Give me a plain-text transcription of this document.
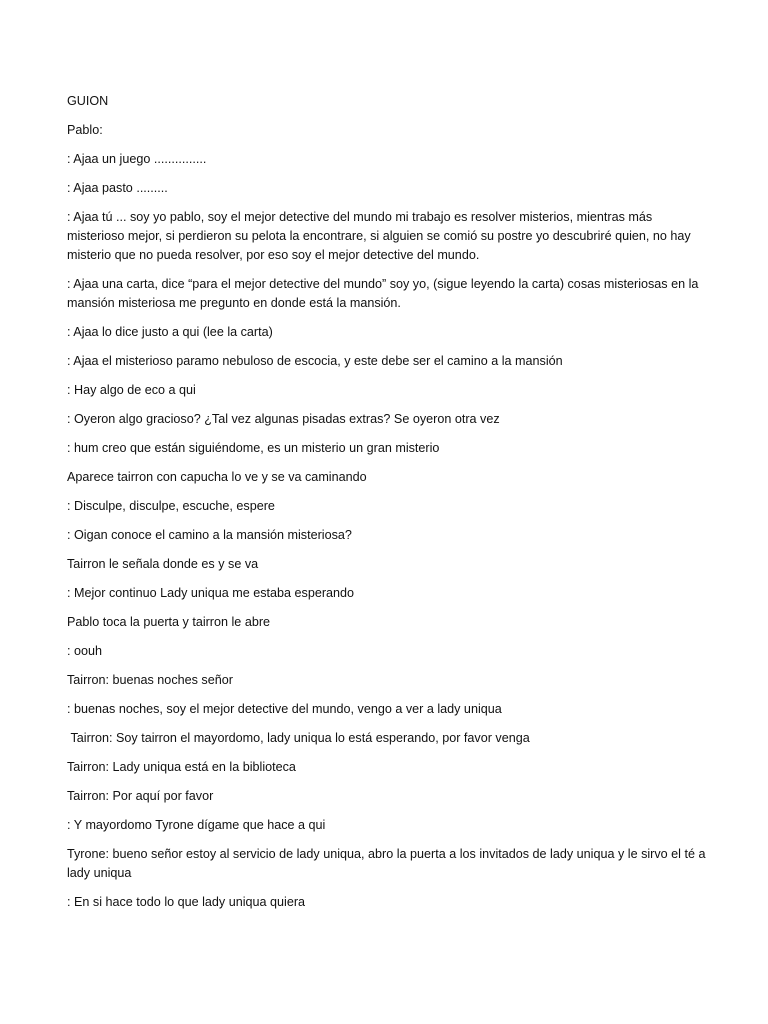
GUION

Pablo:

: Ajaa un juego ...............

: Ajaa pasto .........

: Ajaa tú ... soy yo pablo, soy el mejor detective del mundo mi trabajo es resolver misterios, mientras más misterioso mejor, si perdieron su pelota la encontrare, si alguien se comió su postre yo descubriré quien, no hay misterio que no pueda resolver, por eso soy el mejor detective del mundo.

: Ajaa una carta, dice “para el mejor detective del mundo” soy yo, (sigue leyendo la carta) cosas misteriosas en la mansión misteriosa me pregunto en donde está la mansión.

: Ajaa lo dice justo a qui (lee la carta)

: Ajaa el misterioso paramo nebuloso de escocia, y este debe ser el camino a la mansión

: Hay algo de eco a qui

: Oyeron algo gracioso? ¿Tal vez algunas pisadas extras? Se oyeron otra vez

: hum creo que están siguiéndome, es un misterio un gran misterio

Aparece tairron con capucha lo ve y se va caminando

: Disculpe, disculpe, escuche, espere

: Oigan conoce el camino a la mansión misteriosa?

Tairron le señala donde es y se va

: Mejor continuo Lady uniqua me estaba esperando

Pablo toca la puerta y tairron le abre

: oouh

Tairron: buenas noches señor

: buenas noches, soy el mejor detective del mundo, vengo a ver a lady uniqua

Tairron: Soy tairron el mayordomo, lady uniqua lo está esperando, por favor venga

Tairron: Lady uniqua está en la biblioteca

Tairron: Por aquí por favor

: Y mayordomo Tyrone dígame que hace a qui

Tyrone: bueno señor estoy al servicio de lady uniqua, abro la puerta a los invitados de lady uniqua y le sirvo el té a lady uniqua

: En si hace todo lo que lady uniqua quiera
